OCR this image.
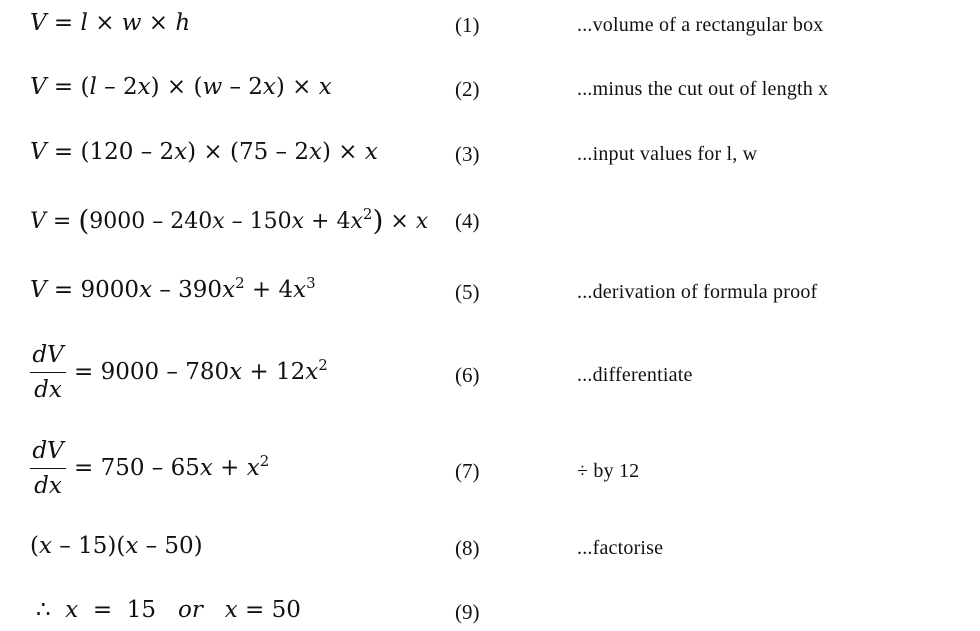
V = l × w × h	(1)	...volume of a rectangular box
V = (l – 2x) × (w – 2x) × x	(2)	...minus the cut out of length x
V = (120 – 2x) × (75 – 2x) × x	(3)	...input values for l, w
$V = (9000 - 240x - 150x + 4x^2) \times x$ (4)
$V = 9000x - 390x^2 + 4x^3$	(5)	...derivation of formula proof
dV
dx
= $9000 - 780x + 12x^2$	(6)	...differentiate
dV
dx
= $750 - 65x + x^2$	(7)	÷ by 12
(x – 15)(x – 50)	(8)	...factorise
∴  x  =  15   or x = 50	(9)
